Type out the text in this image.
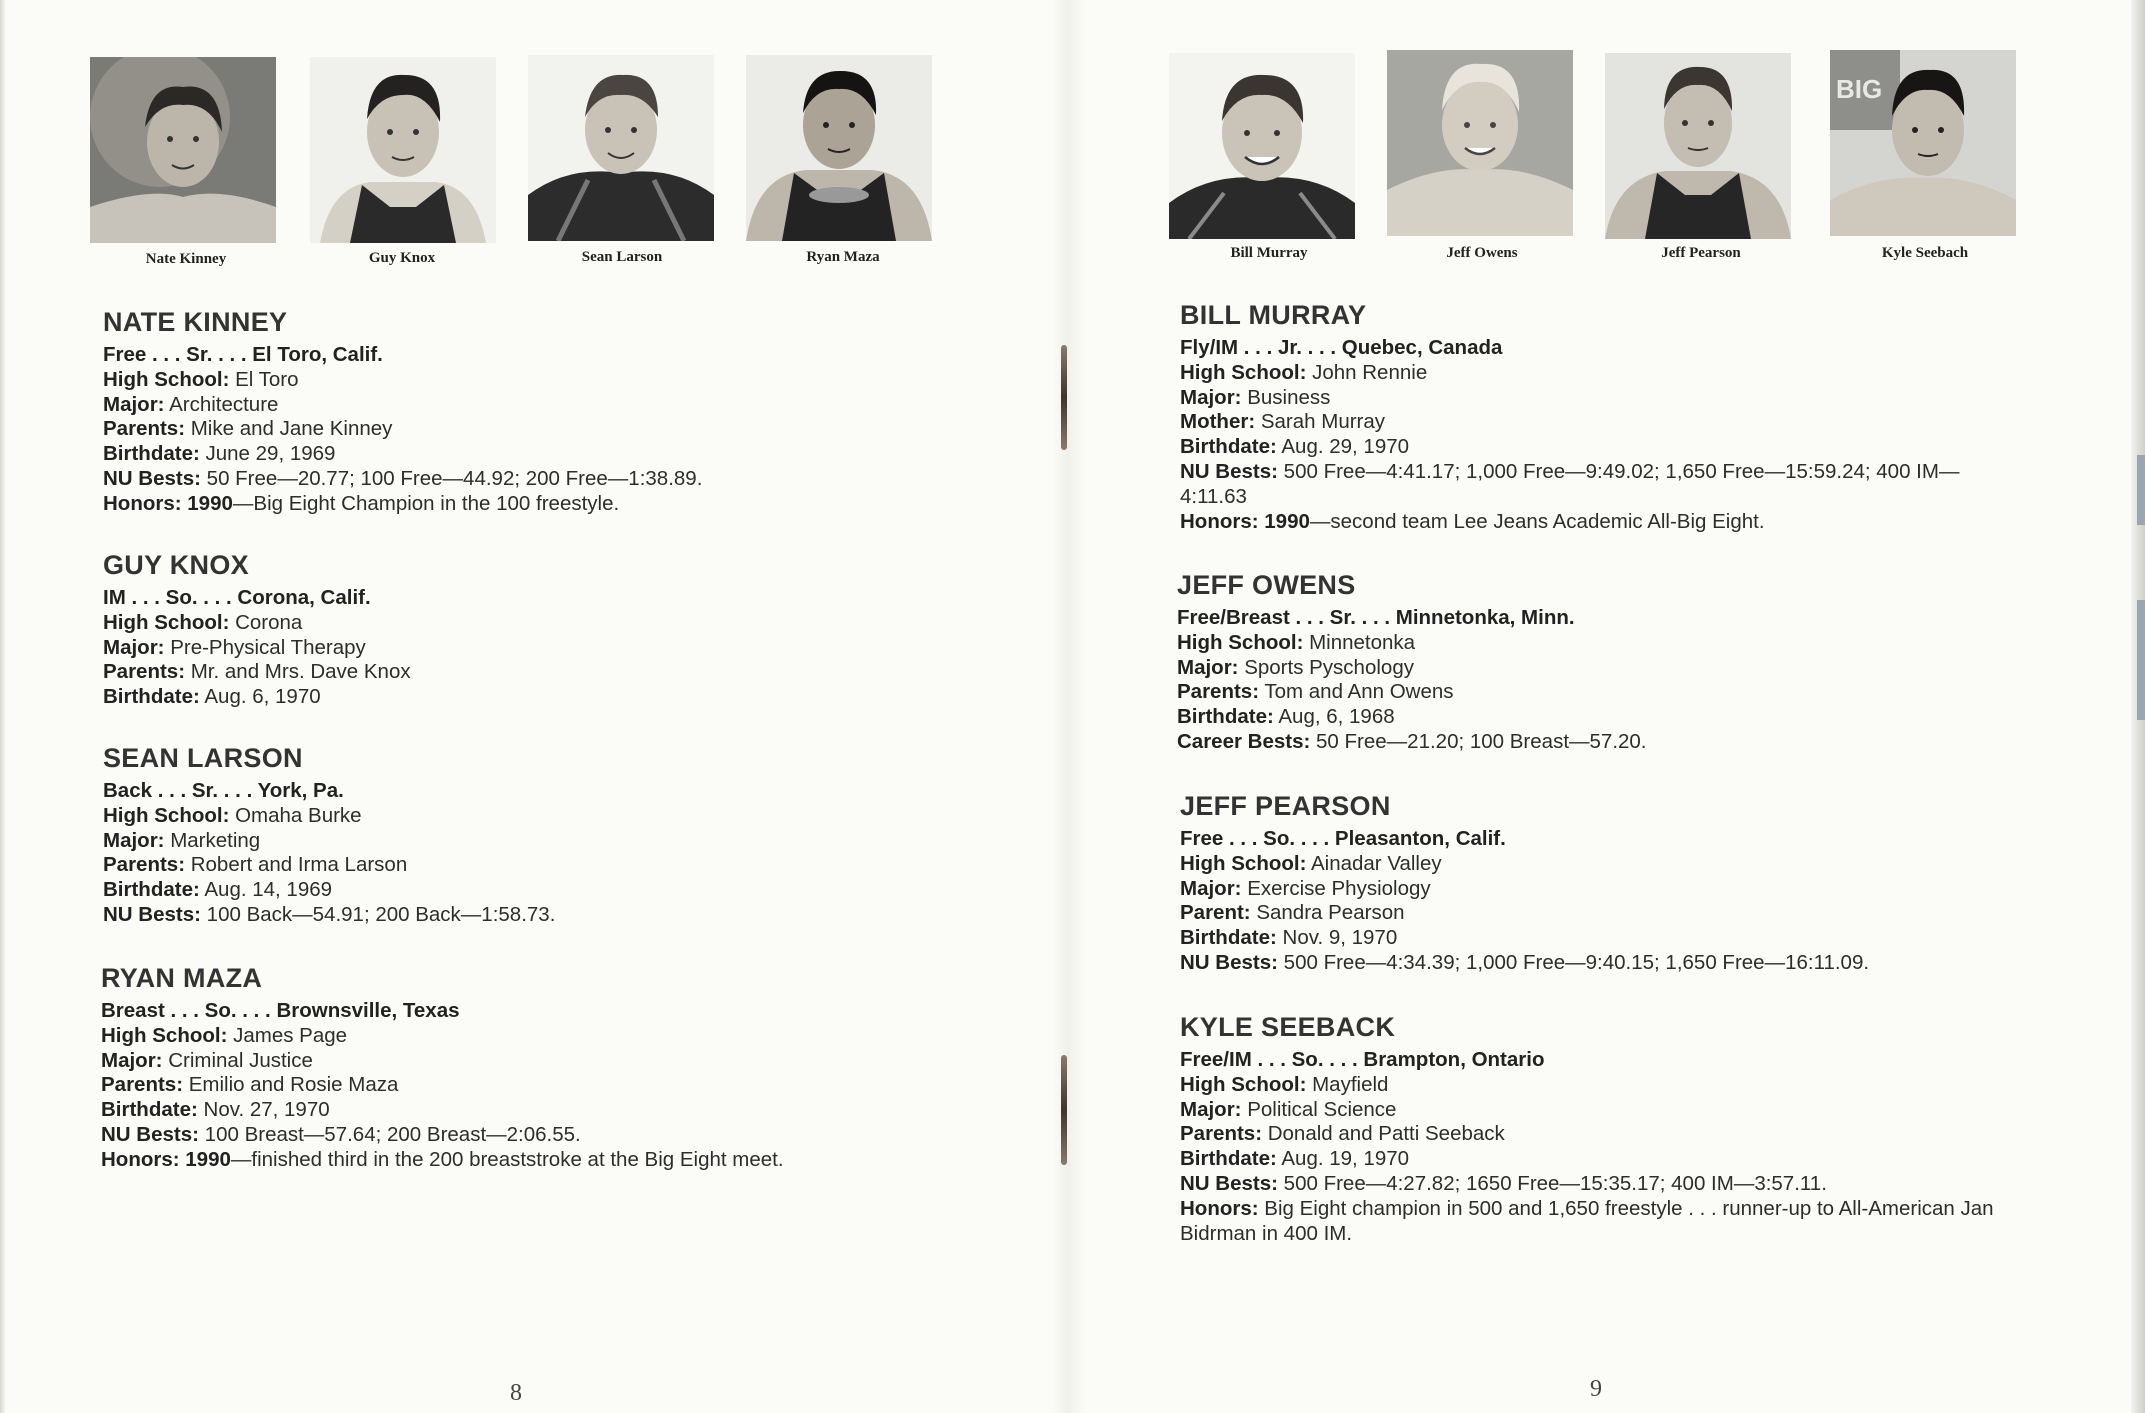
Nate Kinney	Guy Knox	Sean Larson	Ryan Maza
NATE KINNEY
Free . . . Sr. . . . El Toro, Calif.
High School: El Toro
Major: Architecture
Parents: Mike and Jane Kinney
Birthdate: June 29, 1969
NU Bests: 50 Free—20.77; 100 Free—44.92; 200 Free—1:38.89.
Honors: 1990—Big Eight Champion in the 100 freestyle.
GUY KNOX
IM . . . So. . . . Corona, Calif.
High School: Corona
Major: Pre-Physical Therapy
Parents: Mr. and Mrs. Dave Knox
Birthdate: Aug. 6, 1970
SEAN LARSON
Back . . . Sr. . . . York, Pa.
High School: Omaha Burke
Major: Marketing
Parents: Robert and Irma Larson
Birthdate: Aug. 14, 1969
NU Bests: 100 Back—54.91; 200 Back—1:58.73.
RYAN MAZA
Breast . . . So. . . . Brownsville, Texas
High School: James Page
Major: Criminal Justice
Parents: Emilio and Rosie Maza
Birthdate: Nov. 27, 1970
NU Bests: 100 Breast—57.64; 200 Breast—2:06.55.
Honors: 1990—finished third in the 200 breaststroke at the Big Eight meet.
8
Bill Murray	Jeff Owens	Jeff Pearson
BIG
Kyle Seebach
BILL MURRAY
Fly/IM . . . Jr. . . . Quebec, Canada
High School: John Rennie
Major: Business
Mother: Sarah Murray
Birthdate: Aug. 29, 1970
NU Bests: 500 Free—4:41.17; 1,000 Free—9:49.02; 1,650 Free—15:59.24; 400 IM—4:11.63
Honors: 1990—second team Lee Jeans Academic All-Big Eight.
JEFF OWENS
Free/Breast . . . Sr. . . . Minnetonka, Minn.
High School: Minnetonka
Major: Sports Pyschology
Parents: Tom and Ann Owens
Birthdate: Aug, 6, 1968
Career Bests: 50 Free—21.20; 100 Breast—57.20.
JEFF PEARSON
Free . . . So. . . . Pleasanton, Calif.
High School: Ainadar Valley
Major: Exercise Physiology
Parent: Sandra Pearson
Birthdate: Nov. 9, 1970
NU Bests: 500 Free—4:34.39; 1,000 Free—9:40.15; 1,650 Free—16:11.09.
KYLE SEEBACK
Free/IM . . . So. . . . Brampton, Ontario
High School: Mayfield
Major: Political Science
Parents: Donald and Patti Seeback
Birthdate: Aug. 19, 1970
NU Bests: 500 Free—4:27.82; 1650 Free—15:35.17; 400 IM—3:57.11.
Honors: Big Eight champion in 500 and 1,650 freestyle . . . runner-up to All-American Jan Bidrman in 400 IM.
9
